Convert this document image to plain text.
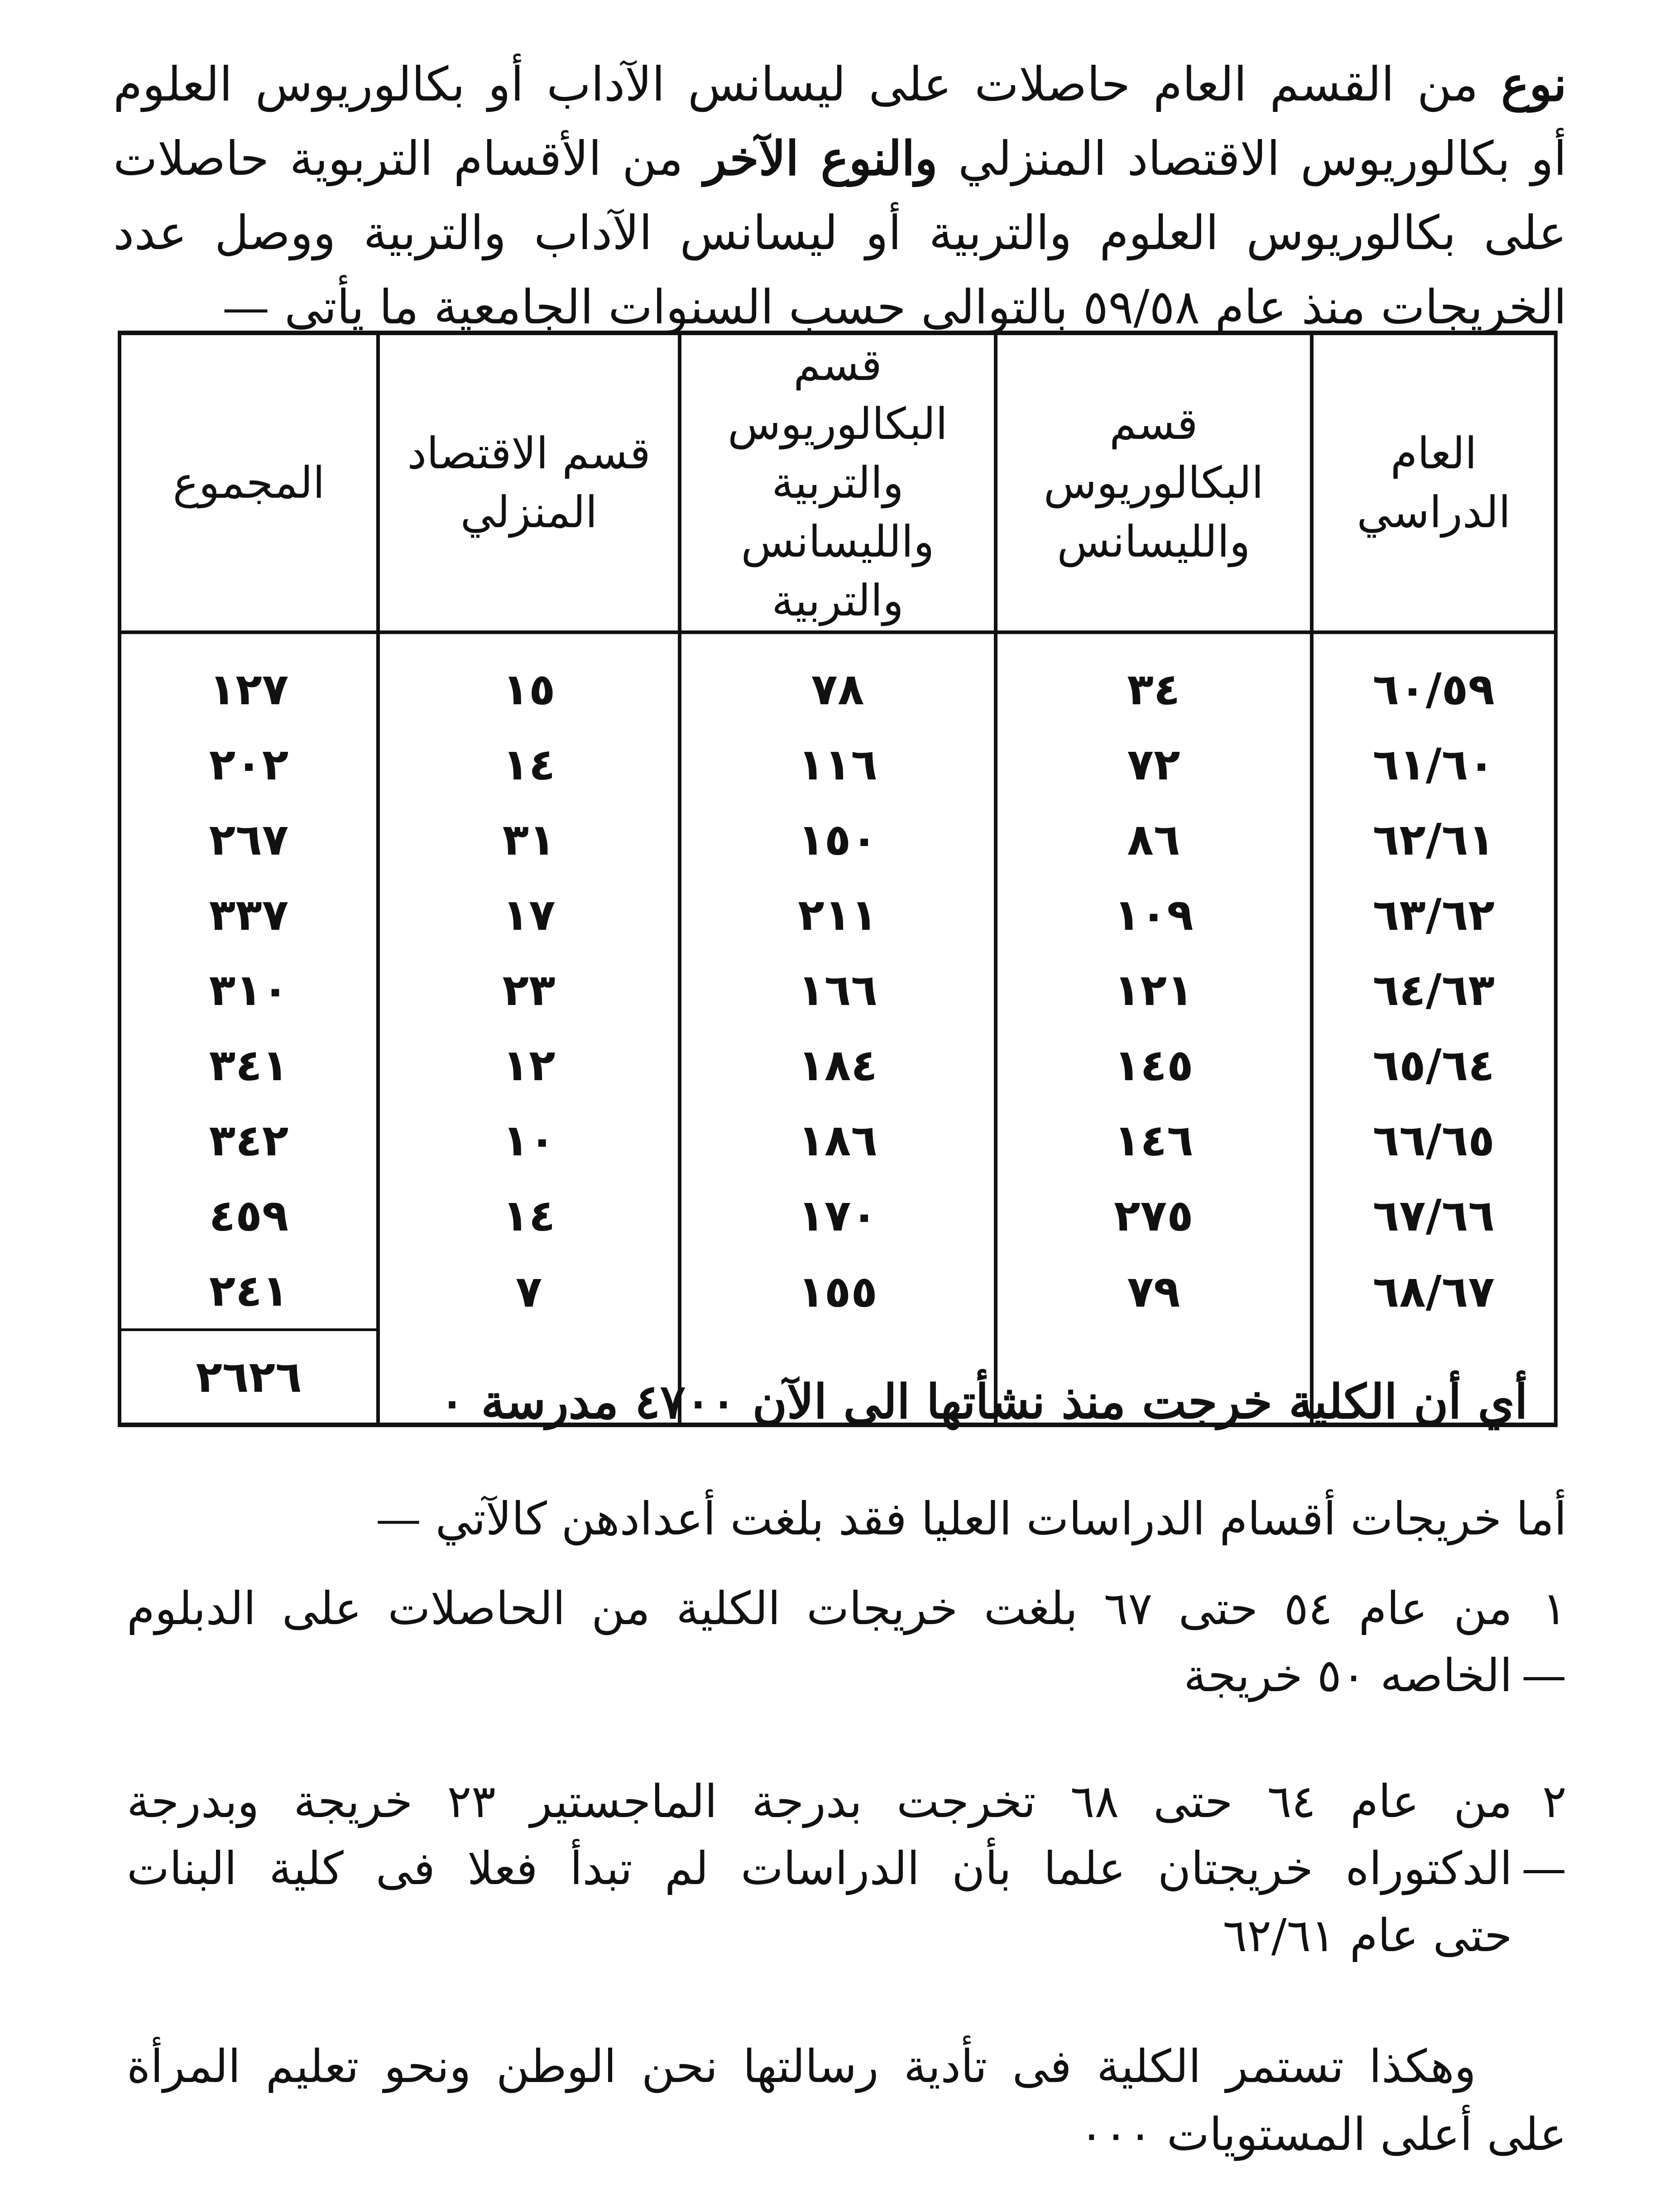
نوع من القسم العام حاصلات على ليسانس الآداب أو بكالوريوس العلوم

أو بكالوريوس الاقتصاد المنزلي والنوع الآخر من الأقسام التربوية حاصلات

على بكالوريوس العلوم والتربية أو ليسانس الآداب والتربية ووصل عدد

الخريجات منذ عام ٥٩/٥٨ بالتوالي حسب السنوات الجامعية ما يأتي —

العام الدراسي	قسم البكالوريوس والليسانس	قسم البكالوريوس والتربية والليسانس والتربية	قسم الاقتصاد المنزلي	المجموع
٦٠/٥٩	٣٤	٧٨	١٥	١٢٧
٦١/٦٠	٧٢	١١٦	١٤	٢٠٢
٦٢/٦١	٨٦	١٥٠	٣١	٢٦٧
٦٣/٦٢	١٠٩	٢١١	١٧	٣٣٧
٦٤/٦٣	١٢١	١٦٦	٢٣	٣١٠
٦٥/٦٤	١٤٥	١٨٤	١٢	٣٤١
٦٦/٦٥	١٤٦	١٨٦	١٠	٣٤٢
٦٧/٦٦	٢٧٥	١٧٠	١٤	٤٥٩
٦٨/٦٧	٧٩	١٥٥	٧	٢٤١
				٢٦٢٦	أي أن الكلية خرجت منذ نشأتها الى الآن ٤٧٠٠ مدرسة ٠

أما خريجات أقسام الدراسات العليا فقد بلغت أعدادهن كالآتي —

١ —

من عام ٥٤ حتى ٦٧ بلغت خريجات الكلية من الحاصلات على الدبلوم

الخاصه ٥٠ خريجة

٢ —

من عام ٦٤ حتى ٦٨ تخرجت بدرجة الماجستير ٢٣ خريجة وبدرجة

الدكتوراه خريجتان علما بأن الدراسات لم تبدأ فعلا فى كلية البنات

حتى عام ٦٢/٦١

وهكذا تستمر الكلية فى تأدية رسالتها نحن الوطن ونحو تعليم المرأة

على أعلى المستويات ٠٠٠
